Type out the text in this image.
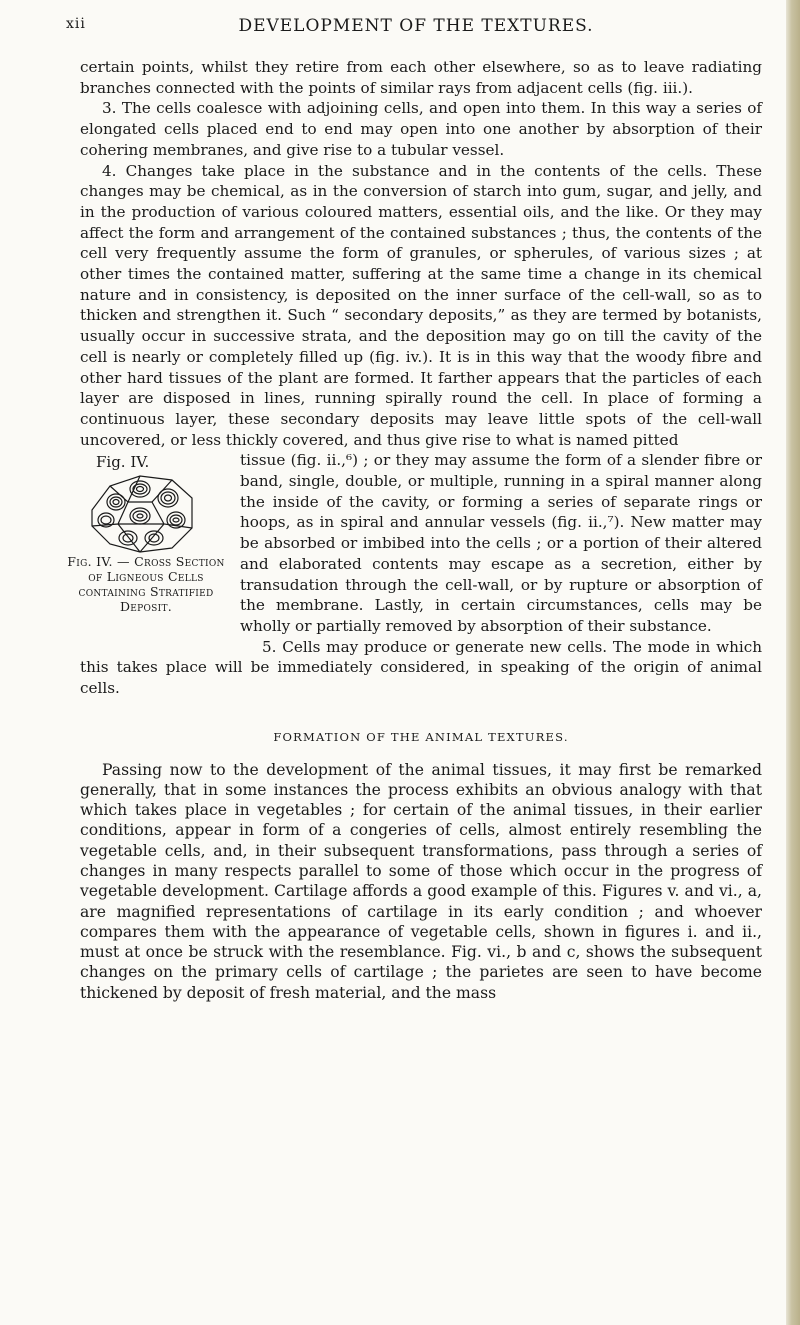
xii	DEVELOPMENT OF THE TEXTURES.

certain points, whilst they retire from each other elsewhere, so as to leave radiating branches connected with the points of similar rays from adjacent cells (fig. iii.).

3. The cells coalesce with adjoining cells, and open into them. In this way a series of elongated cells placed end to end may open into one another by absorption of their cohering membranes, and give rise to a tubular vessel.

4. Changes take place in the substance and in the contents of the cells. These changes may be chemical, as in the conversion of starch into gum, sugar, and jelly, and in the production of various coloured matters, essential oils, and the like. Or they may affect the form and arrangement of the contained substances ; thus, the contents of the cell very frequently assume the form of granules, or spherules, of various sizes ; at other times the contained matter, suffering at the same time a change in its chemical nature and in consistency, is deposited on the inner surface of the cell-wall, so as to thicken and strengthen it. Such “ secondary deposits,” as they are termed by botanists, usually occur in successive strata, and the deposition may go on till the cavity of the cell is nearly or completely filled up (fig. iv.). It is in this way that the woody fibre and other hard tissues of the plant are formed. It farther appears that the particles of each layer are disposed in lines, running spirally round the cell. In place of forming a continuous layer, these secondary deposits may leave little spots of the cell-wall uncovered, or less thickly covered, and thus give rise to what is named pitted

Fig. IV.
Fig. IV. — Cross Section of Ligneous Cells containing Stratified Deposit.

tissue (fig. ii.,⁶) ; or they may assume the form of a slender fibre or band, single, double, or multiple, running in a spiral manner along the inside of the cavity, or forming a series of separate rings or hoops, as in spiral and annular vessels (fig. ii.,⁷). New matter may be absorbed or imbibed into the cells ; or a portion of their altered and elaborated contents may escape as a secretion, either by transudation through the cell-wall, or by rupture or absorption of the membrane. Lastly, in certain circumstances, cells may be wholly or partially removed by absorption of their substance.

5. Cells may produce or generate new cells. The mode in which this takes place will be immediately considered, in speaking of the origin of animal cells.

FORMATION OF THE ANIMAL TEXTURES.

Passing now to the development of the animal tissues, it may first be remarked generally, that in some instances the process exhibits an obvious analogy with that which takes place in vegetables ; for certain of the animal tissues, in their earlier conditions, appear in form of a congeries of cells, almost entirely resembling the vegetable cells, and, in their subsequent transformations, pass through a series of changes in many respects parallel to some of those which occur in the progress of vegetable development. Cartilage affords a good example of this. Figures v. and vi., a, are magnified representations of cartilage in its early condition ; and whoever compares them with the appearance of vegetable cells, shown in figures i. and ii., must at once be struck with the resemblance. Fig. vi., b and c, shows the subsequent changes on the primary cells of cartilage ; the parietes are seen to have become thickened by deposit of fresh material, and the mass
